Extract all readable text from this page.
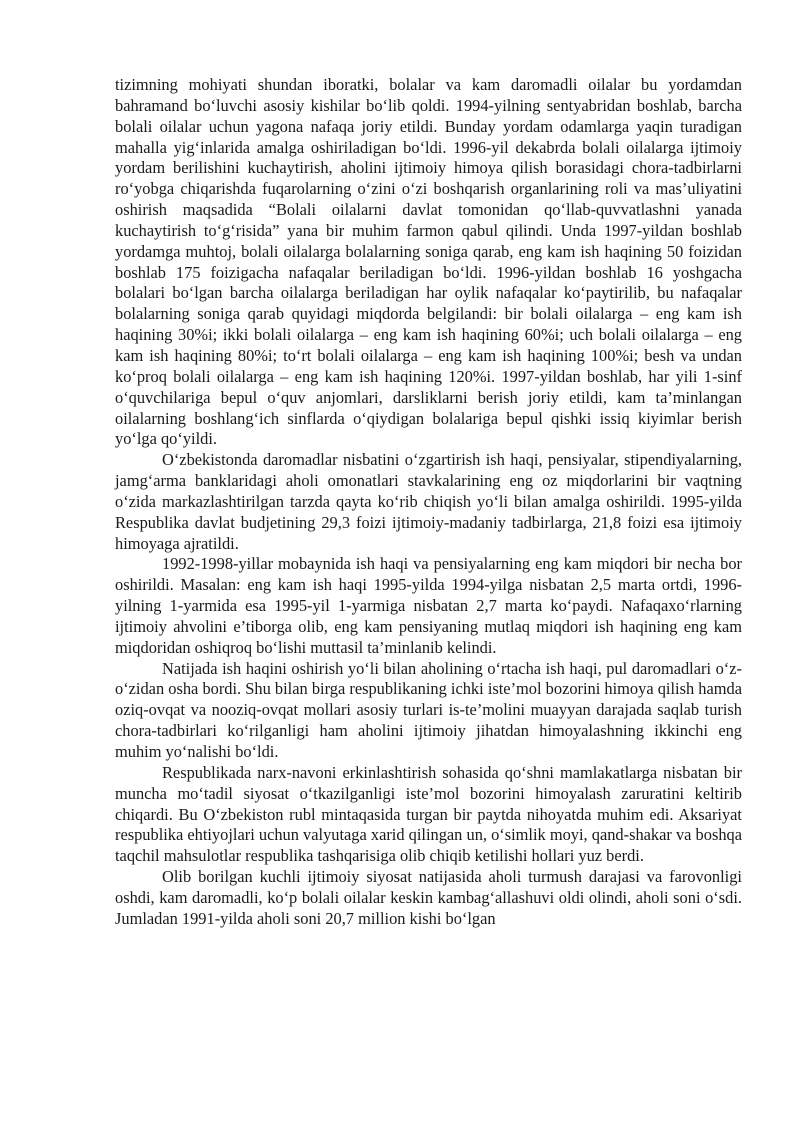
tizimning mohiyati shundan iboratki, bolalar va kam daromadli oilalar bu yordamdan bahramand bo‘luvchi asosiy kishilar bo‘lib qoldi. 1994-yilning sentyabridan boshlab, barcha bolali oilalar uchun yagona nafaqa joriy etildi. Bunday yordam odamlarga yaqin turadigan mahalla yig‘inlarida amalga oshiriladigan bo‘ldi. 1996-yil dekabrda bolali oilalarga ijtimoiy yordam berilishini kuchaytirish, aholini ijtimoiy himoya qilish borasidagi chora-tadbirlarni ro‘yobga chiqarishda fuqarolarning o‘zini o‘zi boshqarish organlarining roli va mas’uliyatini oshirish maqsadida “Bolali oilalarni davlat tomonidan qo‘llab-quvvatlashni yanada kuchaytirish to‘g‘risida” yana bir muhim farmon qabul qilindi. Unda 1997-yildan boshlab yordamga muhtoj, bolali oilalarga bolalarning soniga qarab, eng kam ish haqining 50 foizidan boshlab 175 foizigacha nafaqalar beriladigan bo‘ldi. 1996-yildan boshlab 16 yoshgacha bolalari bo‘lgan barcha oilalarga beriladigan har oylik nafaqalar ko‘paytirilib, bu nafaqalar bolalarning soniga qarab quyidagi miqdorda belgilandi: bir bolali oilalarga – eng kam ish haqining 30%i; ikki bolali oilalarga – eng kam ish haqining 60%i; uch bolali oilalarga – eng kam ish haqining 80%i; to‘rt bolali oilalarga – eng kam ish haqining 100%i; besh va undan ko‘proq bolali oilalarga – eng kam ish haqining 120%i. 1997-yildan boshlab, har yili 1-sinf o‘quvchilariga bepul o‘quv anjomlari, darsliklarni berish joriy etildi, kam ta’minlangan oilalarning boshlang‘ich sinflarda o‘qiydigan bolalariga bepul qishki issiq kiyimlar berish yo‘lga qo‘yildi.

O‘zbekistonda daromadlar nisbatini o‘zgartirish ish haqi, pensiyalar, stipendiyalarning, jamg‘arma banklaridagi aholi omonatlari stavkalarining eng oz miqdorlarini bir vaqtning o‘zida markazlashtirilgan tarzda qayta ko‘rib chiqish yo‘li bilan amalga oshirildi. 1995-yilda Respublika davlat budjetining 29,3 foizi ijtimoiy-madaniy tadbirlarga, 21,8 foizi esa ijtimoiy himoyaga ajratildi.

1992-1998-yillar mobaynida ish haqi va pensiyalarning eng kam miqdori bir necha bor oshirildi. Masalan: eng kam ish haqi 1995-yilda 1994-yilga nisbatan 2,5 marta ortdi, 1996-yilning 1-yarmida esa 1995-yil 1-yarmiga nisbatan 2,7 marta ko‘paydi. Nafaqaxo‘rlarning ijtimoiy ahvolini e’tiborga olib, eng kam pensiyaning mutlaq miqdori ish haqining eng kam miqdoridan oshiqroq bo‘lishi muttasil ta’minlanib kelindi.

Natijada ish haqini oshirish yo‘li bilan aholining o‘rtacha ish haqi, pul daromadlari o‘z-o‘zidan osha bordi. Shu bilan birga respublikaning ichki iste’mol bozorini himoya qilish hamda oziq-ovqat va nooziq-ovqat mollari asosiy turlari is-te’molini muayyan darajada saqlab turish chora-tadbirlari ko‘rilganligi ham aholini ijtimoiy jihatdan himoyalashning ikkinchi eng muhim yo‘nalishi bo‘ldi.

Respublikada narx-navoni erkinlashtirish sohasida qo‘shni mamlakatlarga nisbatan bir muncha mo‘tadil siyosat o‘tkazilganligi iste’mol bozorini himoyalash zaruratini keltirib chiqardi. Bu O‘zbekiston rubl mintaqasida turgan bir paytda nihoyatda muhim edi. Aksariyat respublika ehtiyojlari uchun valyutaga xarid qilingan un, o‘simlik moyi, qand-shakar va boshqa taqchil mahsulotlar respublika tashqarisiga olib chiqib ketilishi hollari yuz berdi.

Olib borilgan kuchli ijtimoiy siyosat natijasida aholi turmush darajasi va farovonligi oshdi, kam daromadli, ko‘p bolali oilalar keskin kambag‘allashuvi oldi olindi, aholi soni o‘sdi. Jumladan 1991-yilda aholi soni 20,7 million kishi bo‘lgan
